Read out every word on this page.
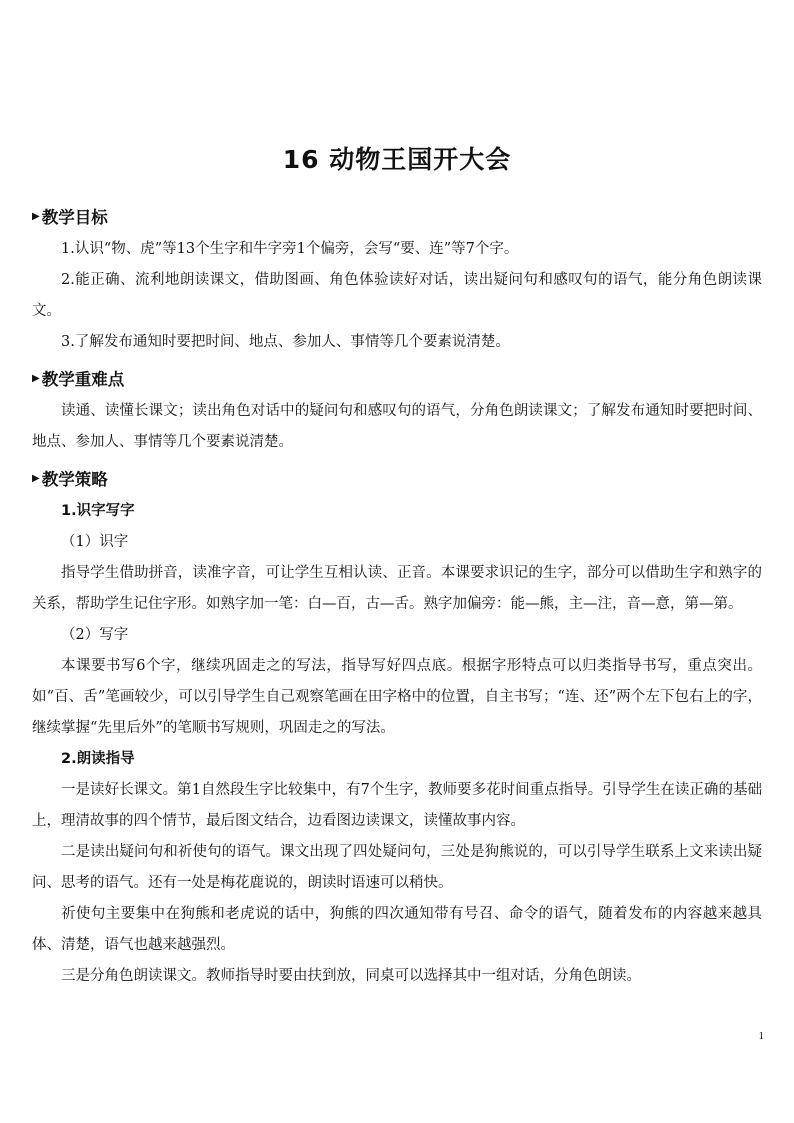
16 动物王国开大会
▶ 教学目标

1.认识“物、虎”等13个生字和牛字旁1个偏旁，会写“要、连”等7个字。

2.能正确、流利地朗读课文，借助图画、角色体验读好对话，读出疑问句和感叹句的语气，能分角色朗读课文。

3.了解发布通知时要把时间、地点、参加人、事情等几个要素说清楚。

▶ 教学重难点

读通、读懂长课文；读出角色对话中的疑问句和感叹句的语气，分角色朗读课文；了解发布通知时要把时间、地点、参加人、事情等几个要素说清楚。

▶ 教学策略

1.识字写字

（1）识字

指导学生借助拼音，读准字音，可让学生互相认读、正音。本课要求识记的生字，部分可以借助生字和熟字的关系，帮助学生记住字形。如熟字加一笔：白—百，古—舌。熟字加偏旁：能—熊，主—注，音—意，第—第。

（2）写字

本课要书写6个字，继续巩固走之的写法，指导写好四点底。根据字形特点可以归类指导书写，重点突出。如“百、舌”笔画较少，可以引导学生自己观察笔画在田字格中的位置，自主书写；“连、还”两个左下包右上的字，继续掌握“先里后外”的笔顺书写规则，巩固走之的写法。

2.朗读指导

一是读好长课文。第1自然段生字比较集中，有7个生字，教师要多花时间重点指导。引导学生在读正确的基础上，理清故事的四个情节，最后图文结合，边看图边读课文，读懂故事内容。

二是读出疑问句和祈使句的语气。课文出现了四处疑问句，三处是狗熊说的，可以引导学生联系上文来读出疑问、思考的语气。还有一处是梅花鹿说的，朗读时语速可以稍快。

祈使句主要集中在狗熊和老虎说的话中，狗熊的四次通知带有号召、命令的语气，随着发布的内容越来越具体、清楚，语气也越来越强烈。

三是分角色朗读课文。教师指导时要由扶到放，同桌可以选择其中一组对话，分角色朗读。

1
